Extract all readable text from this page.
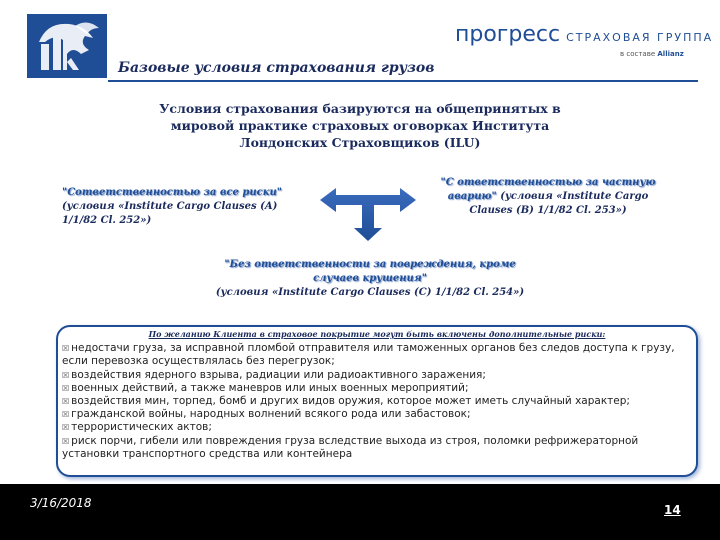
прогресс СТРАХОВАЯ ГРУППА
в составе Allianz
Базовые условия страхования грузов
Условия страхования базируются на общепринятых в мировой практике страховых оговорках Института Лондонских Страховщиков (ILU)
"Сответственностью за все риски" (условия «Institute Cargo Clauses (A) 1/1/82 Cl. 252»)
"С ответственностью за частную аварию" (условия «Institute Cargo Clauses (B) 1/1/82 Cl. 253»)
"Без ответственности за повреждения, кроме случаев крушения"
(условия «Institute Cargo Clauses (C) 1/1/82 Cl. 254»)
По желанию Клиента в страховое покрытие могут быть включены дополнительные риски:
☒ недостачи груза, за исправной пломбой отправителя или таможенных органов без следов доступа к грузу, если перевозка осуществлялась без перегрузок;
☒ воздействия ядерного взрыва, радиации или радиоактивного заражения;
☒ военных действий, а также маневров или иных военных мероприятий;
☒ воздействия мин, торпед, бомб и других видов оружия, которое может иметь случайный характер;
☒ гражданской войны, народных волнений всякого рода или забастовок;
☒ террористических актов;
☒ риск порчи, гибели или повреждения груза вследствие выхода из строя, поломки рефрижераторной установки транспортного средства или контейнера
3/16/2018	14
